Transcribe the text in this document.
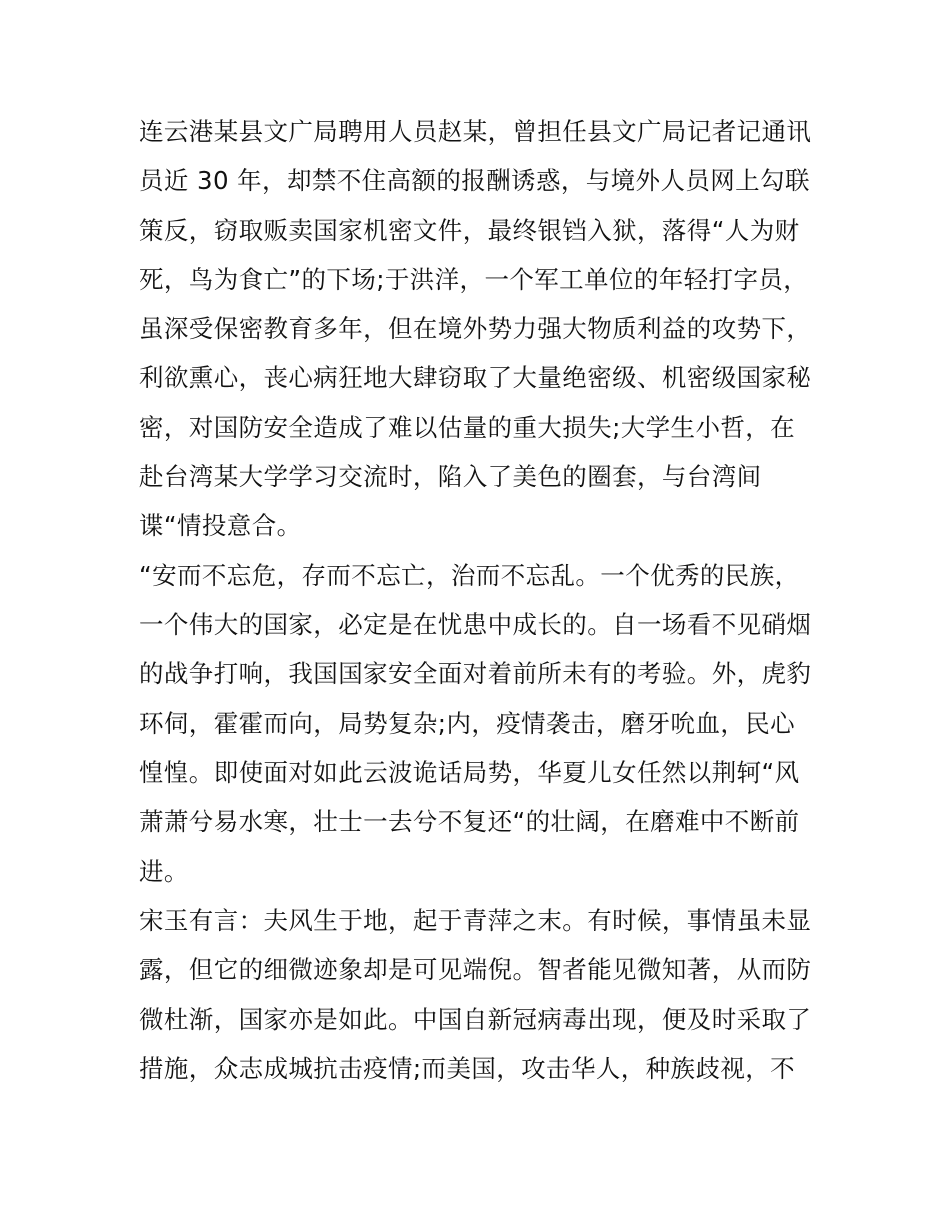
连云港某县文广局聘用人员赵某，曾担任县文广局记者记通讯
员近 30 年，却禁不住高额的报酬诱惑，与境外人员网上勾联
策反，窃取贩卖国家机密文件，最终银铛入狱，落得“人为财
死，鸟为食亡”的下场;于洪洋，一个军工单位的年轻打字员，
虽深受保密教育多年，但在境外势力强大物质利益的攻势下，
利欲熏心，丧心病狂地大肆窃取了大量绝密级、机密级国家秘
密，对国防安全造成了难以估量的重大损失;大学生小哲，在
赴台湾某大学学习交流时，陷入了美色的圈套，与台湾间
谍“情投意合。
“安而不忘危，存而不忘亡，治而不忘乱。一个优秀的民族，
一个伟大的国家，必定是在忧患中成长的。自一场看不见硝烟
的战争打响，我国国家安全面对着前所未有的考验。外，虎豹
环伺，霍霍而向，局势复杂;内，疫情袭击，磨牙吮血，民心
惶惶。即使面对如此云波诡话局势，华夏儿女任然以荆轲“风
萧萧兮易水寒，壮士一去兮不复还“的壮阔，在磨难中不断前
进。
宋玉有言：夫风生于地，起于青萍之末。有时候，事情虽未显
露，但它的细微迹象却是可见端倪。智者能见微知著，从而防
微杜渐，国家亦是如此。中国自新冠病毒出现，便及时采取了
措施，众志成城抗击疫情;而美国，攻击华人，种族歧视，不
